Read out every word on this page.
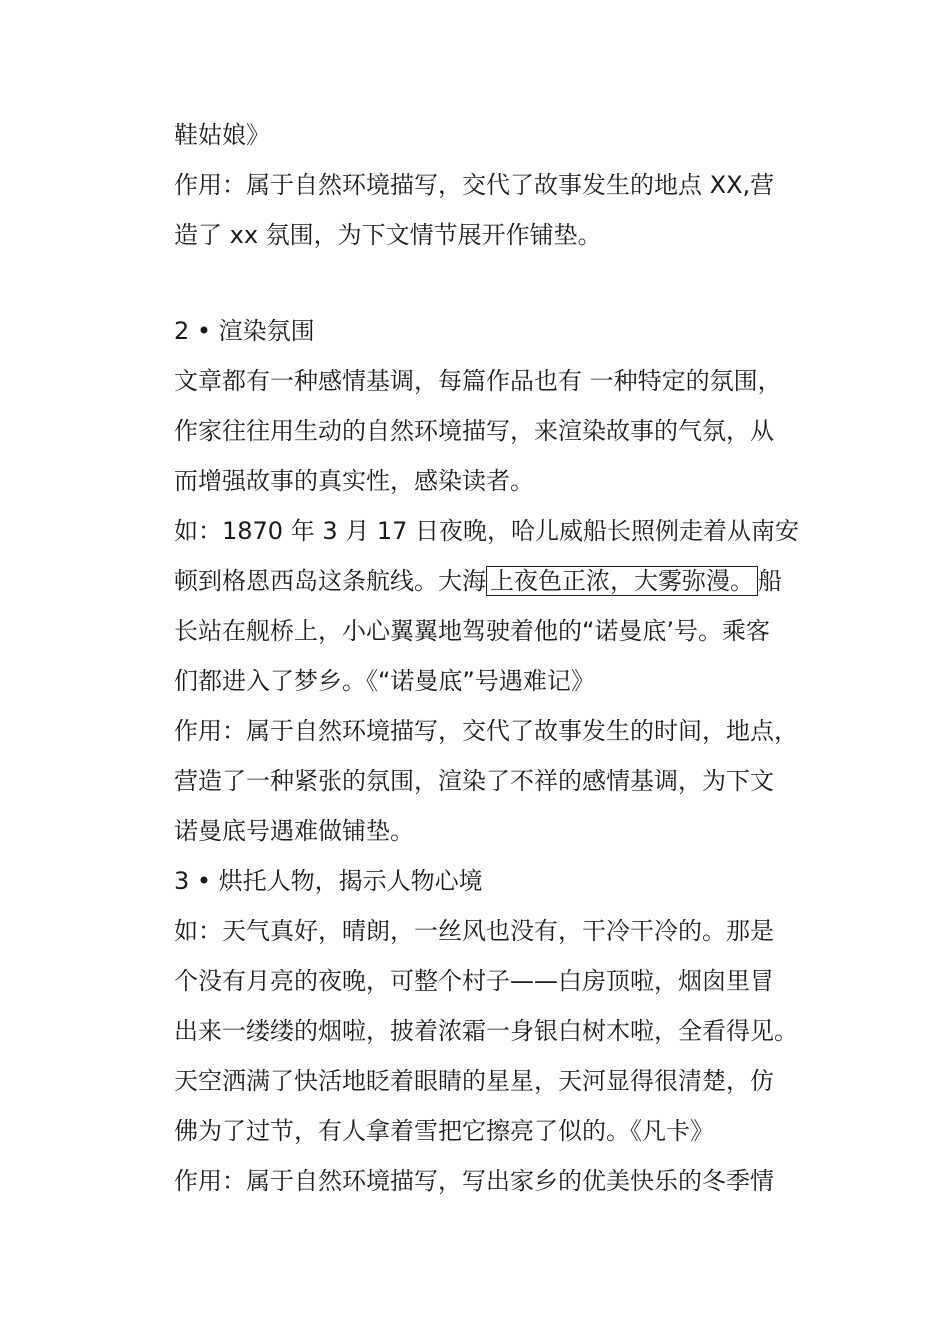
鞋姑娘》
作用：属于自然环境描写，交代了故事发生的地点 XX,营
造了 xx 氛围，为下文情节展开作铺垫。
2 • 渲染氛围
文章都有一种感情基调，每篇作品也有 一种特定的氛围，
作家往往用生动的自然环境描写，来渲染故事的气氛，从
而增强故事的真实性，感染读者。
如：1870 年 3 月 17 日夜晚，哈儿威船长照例走着从南安
顿到格恩西岛这条航线。大海 上夜色正浓，大雾弥漫。 船
长站在舰桥上，小心翼翼地驾驶着他的“诺曼底’号。乘客
们都进入了梦乡。《“诺曼底”号遇难记》
作用：属于自然环境描写，交代了故事发生的时间，地点，
营造了一种紧张的氛围，渲染了不祥的感情基调，为下文
诺曼底号遇难做铺垫。
3 • 烘托人物，揭示人物心境
如：天气真好，晴朗，一丝风也没有，干冷干冷的。那是
个没有月亮的夜晚，可整个村子——白房顶啦，烟囱里冒
出来一缕缕的烟啦，披着浓霜一身银白树木啦，全看得见。
天空洒满了快活地眨着眼睛的星星，天河显得很清楚，仿
佛为了过节，有人拿着雪把它擦亮了似的。《凡卡》
作用：属于自然环境描写，写出家乡的优美快乐的冬季情
